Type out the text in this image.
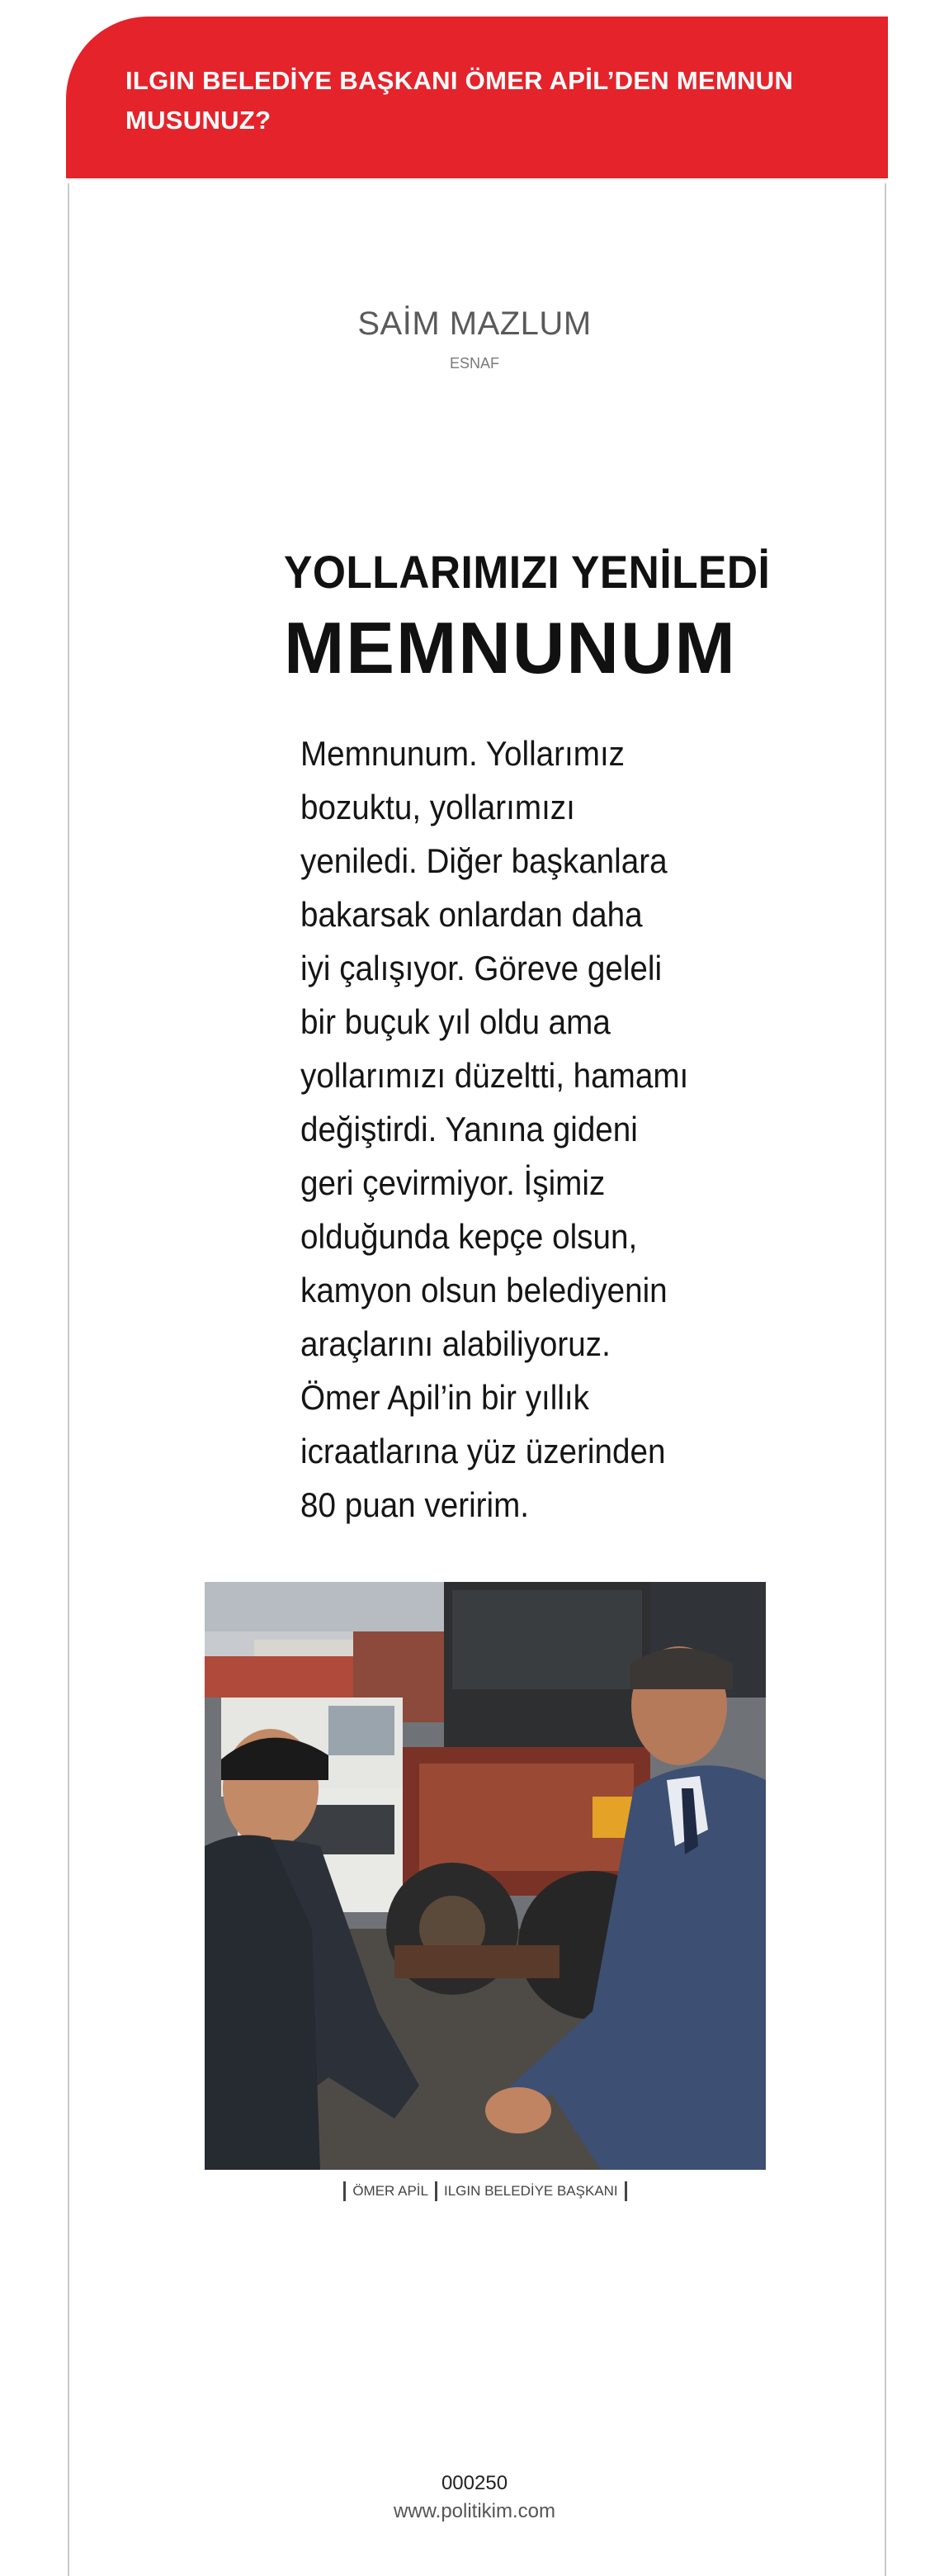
ILGIN BELEDİYE BAŞKANI ÖMER APİL’DEN MEMNUN MUSUNUZ?
SAİM MAZLUM
ESNAF
YOLLARIMIZI YENİLEDİ
MEMNUNUM
Memnunum. Yollarımız
bozuktu, yollarımızı
yeniledi. Diğer başkanlara
bakarsak onlardan daha
iyi çalışıyor. Göreve geleli
bir buçuk yıl oldu ama
yollarımızı düzeltti, hamamı
değiştirdi. Yanına gideni
geri çevirmiyor. İşimiz
olduğunda kepçe olsun,
kamyon olsun belediyenin
araçlarını alabiliyoruz.
Ömer Apil’in bir yıllık
icraatlarına yüz üzerinden
80 puan veririm.
ÖMER APİL ILGIN BELEDİYE BAŞKANI
000250
www.politikim.com
